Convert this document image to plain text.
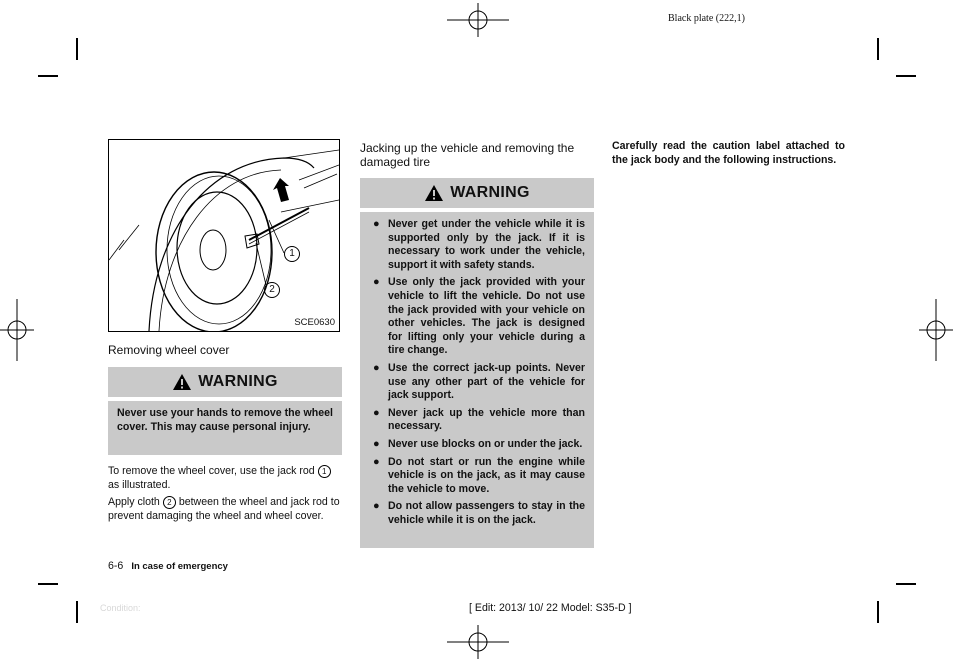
Black plate (222,1)
1
2
SCE0630
Removing wheel cover
WARNING
Never use your hands to remove the wheel cover. This may cause personal injury.
To remove the wheel cover, use the jack rod 1
as illustrated.
Apply cloth 2 between the wheel and jack rod to prevent damaging the wheel and wheel cover.
Jacking up the vehicle and removing the damaged tire
WARNING
● Never get under the vehicle while it is supported only by the jack. If it is necessary to work under the vehicle, support it with safety stands.
● Use only the jack provided with your vehicle to lift the vehicle. Do not use the jack provided with your vehicle on other vehicles. The jack is designed for lifting only your vehicle during a tire change.
● Use the correct jack-up points. Never use any other part of the vehicle for jack support.
● Never jack up the vehicle more than necessary.
● Never use blocks on or under the jack.
● Do not start or run the engine while vehicle is on the jack, as it may cause the vehicle to move.
● Do not allow passengers to stay in the vehicle while it is on the jack.
Carefully read the caution label attached to the jack body and the following instructions.
6-6 In case of emergency
Condition:	[ Edit: 2013/ 10/ 22 Model: S35-D ]
